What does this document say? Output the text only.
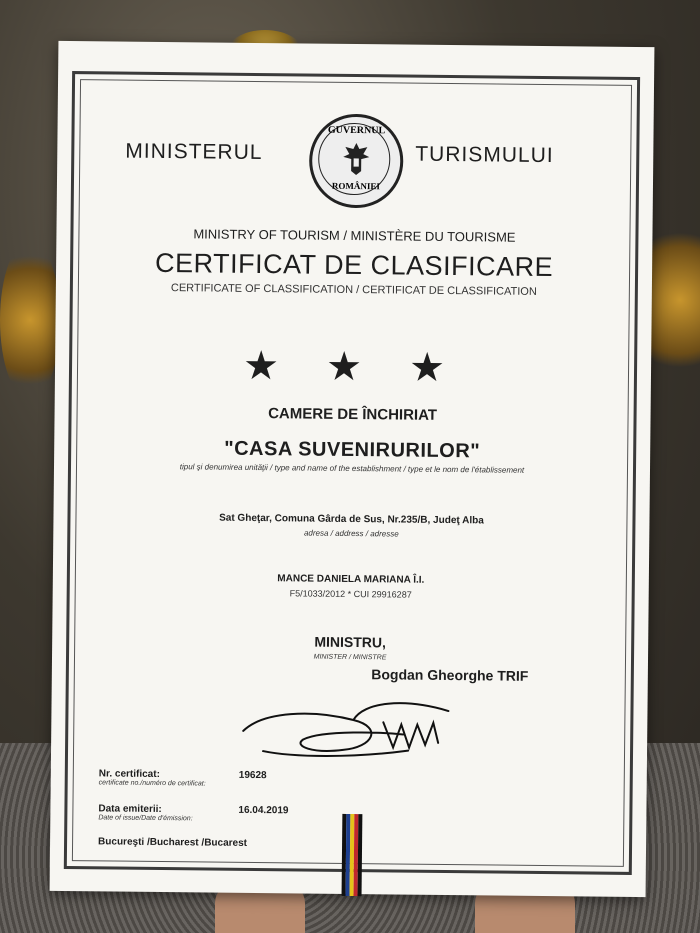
MINISTERUL
GUVERNUL
ROMÂNIEI
TURISMULUI
MINISTRY OF TOURISM / MINISTÈRE DU TOURISME
CERTIFICAT DE CLASIFICARE
CERTIFICATE OF CLASSIFICATION / CERTIFICAT DE CLASSIFICATION
★ ★ ★
CAMERE DE ÎNCHIRIAT
"CASA SUVENIRURILOR"
tipul şi denumirea unităţii / type and name of the establishment / type et le nom de l'établissement
Sat Gheţar, Comuna Gârda de Sus, Nr.235/B, Judeţ Alba
adresa / address / adresse
MANCE DANIELA MARIANA Î.I.
F5/1033/2012 * CUI 29916287
MINISTRU,
MINISTER / MINISTRE
Bogdan Gheorghe TRIF
Nr. certificat:
certificate no./numéro de certificat:
19628
Data emiterii:
Date of issue/Date d'émission:
16.04.2019
Bucureşti /Bucharest /Bucarest
